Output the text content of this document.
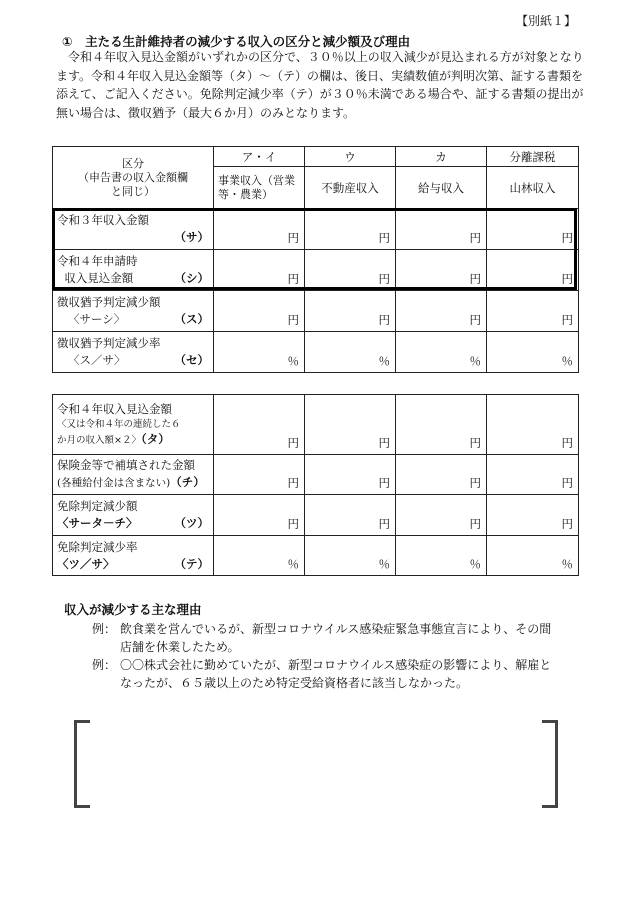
【別紙１】
①　主たる生計維持者の減少する収入の区分と減少額及び理由
令和４年収入見込金額がいずれかの区分で、３０％以上の収入減少が見込まれる方が対象となります。令和４年収入見込金額等（タ）～（テ）の欄は、後日、実績数値が判明次第、証する書類を添えて、ご記入ください。免除判定減少率（テ）が３０％未満である場合や、証する書類の提出が無い場合は、徴収猶予（最大６か月）のみとなります。
区分
（申告書の収入金額欄
と同じ）	ア・イ	ウ	カ	分離課税
	事業収入（営業等・農業）	不動産収入	給与収入	山林収入

令和３年収入金額
（サ）	円	円	円	円

令和４年申請時
収入見込金額 （シ）	円	円	円	円

徴収猶予判定減少額
〈サーシ〉 （ス）	円	円	円	円

徴収猶予判定減少率
〈ス／サ〉 （セ）	％	％	％	％
令和４年収入見込金額
〈又は令和４年の連続した６
か月の収入額×２〉（タ）	円	円	円	円

保険金等で補填された金額
(各種給付金は含まない)（チ）	円	円	円	円

免除判定減少額
〈サータ－チ〉 （ツ）	円	円	円	円

免除判定減少率
〈ツ／サ〉 （テ）	％	％	％	％
収入が減少する主な理由
例： 飲食業を営んでいるが、新型コロナウイルス感染症緊急事態宣言により、その間店舗を休業したため。
例： 〇〇株式会社に勤めていたが、新型コロナウイルス感染症の影響により、解雇となったが、６５歳以上のため特定受給資格者に該当しなかった。
